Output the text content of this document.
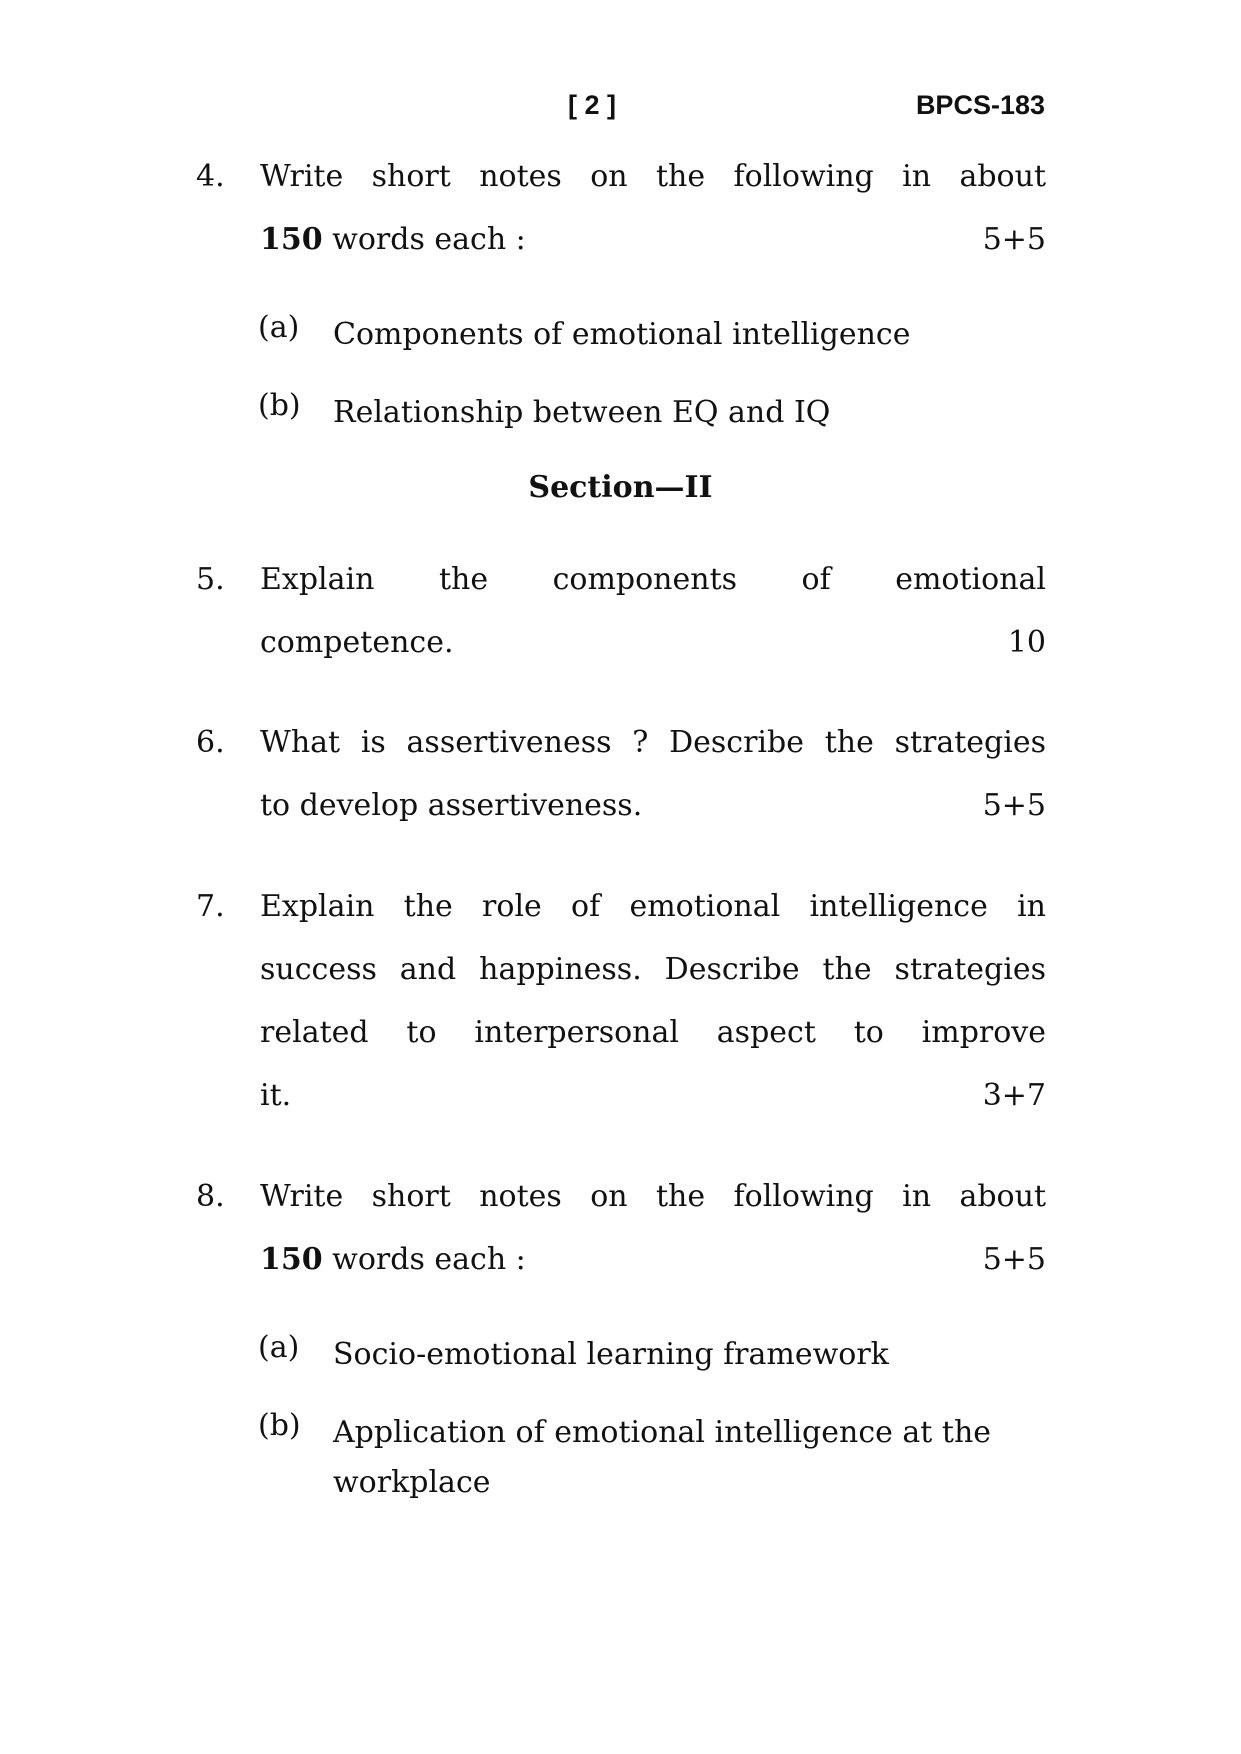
[ 2 ]	BPCS-183
4. Write short notes on the following in about
150 words each :	5+5
(a) Components of emotional intelligence
(b) Relationship between EQ and IQ
Section—II
5. Explain the components of emotional
competence.	10
6. What is assertiveness ? Describe the strategies
to develop assertiveness.	5+5
7. Explain the role of emotional intelligence in
success and happiness. Describe the strategies
related to interpersonal aspect to improve
it.	3+7
8. Write short notes on the following in about
150 words each :	5+5
(a) Socio-emotional learning framework
(b) Application of emotional intelligence at the workplace
